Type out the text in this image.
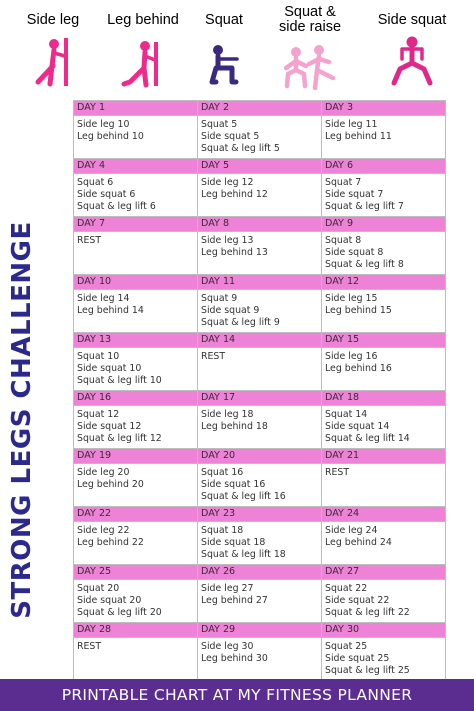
Side leg	Leg behind	Squat	Squat &
side raise	Side squat
STRONG LEGS CHALLENGE
DAY 1
Side leg 10
Leg behind 10
DAY 2
Squat 5
Side squat 5
Squat & leg lift 5
DAY 3
Side leg 11
Leg behind 11
DAY 4
Squat 6
Side squat 6
Squat & leg lift 6
DAY 5
Side leg 12
Leg behind 12
DAY 6
Squat 7
Side squat 7
Squat & leg lift 7
DAY 7
REST
DAY 8
Side leg 13
Leg behind 13
DAY 9
Squat 8
Side squat 8
Squat & leg lift 8
DAY 10
Side leg 14
Leg behind 14
DAY 11
Squat 9
Side squat 9
Squat & leg lift 9
DAY 12
Side leg 15
Leg behind 15
DAY 13
Squat 10
Side squat 10
Squat & leg lift 10
DAY 14
REST
DAY 15
Side leg 16
Leg behind 16
DAY 16
Squat 12
Side squat 12
Squat & leg lift 12
DAY 17
Side leg 18
Leg behind 18
DAY 18
Squat 14
Side squat 14
Squat & leg lift 14
DAY 19
Side leg 20
Leg behind 20
DAY 20
Squat 16
Side squat 16
Squat & leg lift 16
DAY 21
REST
DAY 22
Side leg 22
Leg behind 22
DAY 23
Squat 18
Side squat 18
Squat & leg lift 18
DAY 24
Side leg 24
Leg behind 24
DAY 25
Squat 20
Side squat 20
Squat & leg lift 20
DAY 26
Side leg 27
Leg behind 27
DAY 27
Squat 22
Side squat 22
Squat & leg lift 22
DAY 28
REST
DAY 29
Side leg 30
Leg behind 30
DAY 30
Squat 25
Side squat 25
Squat & leg lift 25
PRINTABLE CHART AT MY FITNESS PLANNER
